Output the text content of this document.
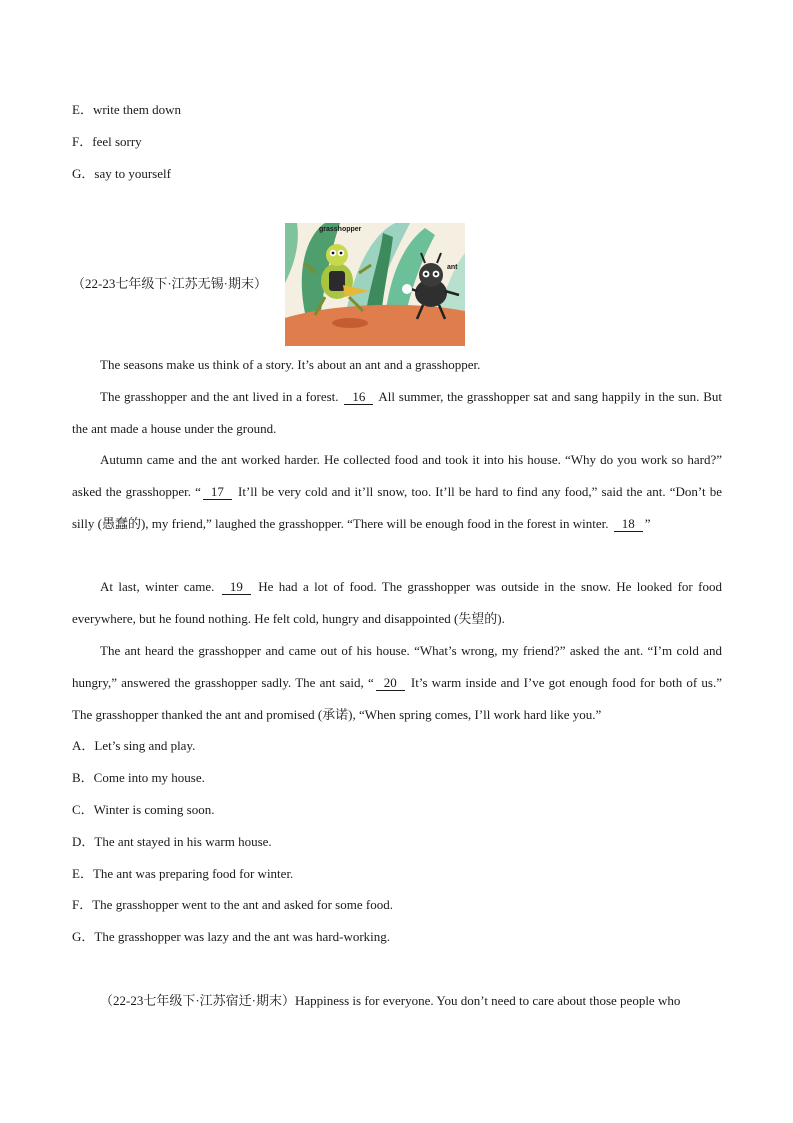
E．write them down
F．feel sorry
G．say to yourself
（22-23七年级下·江苏无锡·期末）
grasshopper
ant

The seasons make us think of a story. It’s about an ant and a grasshopper.

The grasshopper and the ant lived in a forest. 16 All summer, the grasshopper sat and sang happily in the sun. But the ant made a house under the ground.

Autumn came and the ant worked harder. He collected food and took it into his house. “Why do you work so hard?” asked the grasshopper. “ 17 It’ll be very cold and it’ll snow, too. It’ll be hard to find any food,” said the ant. “Don’t be silly (愚蠢的), my friend,” laughed the grasshopper. “There will be enough food in the forest in winter. 18 ”

At last, winter came. 19 He had a lot of food. The grasshopper was outside in the snow. He looked for food everywhere, but he found nothing. He felt cold, hungry and disappointed (失望的).

The ant heard the grasshopper and came out of his house. “What’s wrong, my friend?” asked the ant. “I’m cold and hungry,” answered the grasshopper sadly. The ant said, “ 20 It’s warm inside and I’ve got enough food for both of us.” The grasshopper thanked the ant and promised (承诺), “When spring comes, I’ll work hard like you.”

A．Let’s sing and play.
B．Come into my house.
C．Winter is coming soon.
D．The ant stayed in his warm house.
E．The ant was preparing food for winter.
F．The grasshopper went to the ant and asked for some food.
G．The grasshopper was lazy and the ant was hard-working.
（22-23七年级下·江苏宿迁·期末）Happiness is for everyone. You don’t need to care about those people who
